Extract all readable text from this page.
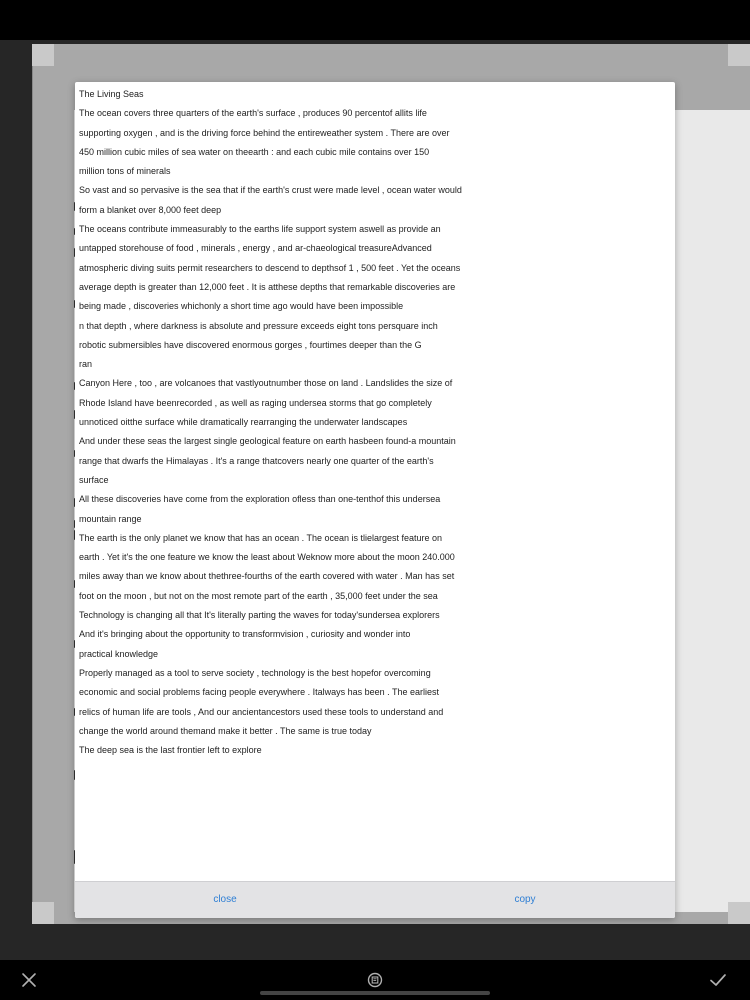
The Living Seas
The ocean covers three quarters of the earth's surface , produces 90 percentof allits life
supporting oxygen , and is the driving force behind the entireweather system . There are over
450 million cubic miles of sea water on theearth : and each cubic mile contains over 150
million tons of minerals
So vast and so pervasive is the sea that if the earth's crust were made level , ocean water would
form a blanket over 8,000 feet deep
The oceans contribute immeasurably to the earths life support system aswell as provide an
untapped storehouse of food , minerals , energy , and ar-chaeological treasureAdvanced
atmospheric diving suits permit researchers to descend to depthsof 1 , 500 feet . Yet the oceans
average depth is greater than 12,000 feet . It is atthese depths that remarkable discoveries are
being made , discoveries whichonly a short time ago would have been impossible
n that depth , where darkness is absolute and pressure exceeds eight tons persquare inch
robotic submersibles have discovered enormous gorges , fourtimes deeper than the G
ran
Canyon Here , too , are volcanoes that vastlyoutnumber those on land . Landslides the size of
Rhode Island have beenrecorded , as well as raging undersea storms that go completely
unnoticed oitthe surface while dramatically rearranging the underwater landscapes
And under these seas the largest single geological feature on earth hasbeen found-a mountain
range that dwarfs the Himalayas . It's a range thatcovers nearly one quarter of the earth's
surface
All these discoveries have come from the exploration ofless than one-tenthof this undersea
mountain range
The earth is the only planet we know that has an ocean . The ocean is tlielargest feature on
earth . Yet it's the one feature we know the least about Weknow more about the moon 240.000
miles away than we know about thethree-fourths of the earth covered with water . Man has set
foot on the moon , but not on the most remote part of the earth , 35,000 feet under the sea
Technology is changing all that It's literally parting the waves for today'sundersea explorers
And it's bringing about the opportunity to transformvision , curiosity and wonder into
practical knowledge
Properly managed as a tool to serve society , technology is the best hopefor overcoming
economic and social problems facing people everywhere . Italways has been . The earliest
relics of human life are tools , And our ancientancestors used these tools to understand and
change the world around themand make it better . The same is true today
The deep sea is the last frontier left to explore
close	copy
